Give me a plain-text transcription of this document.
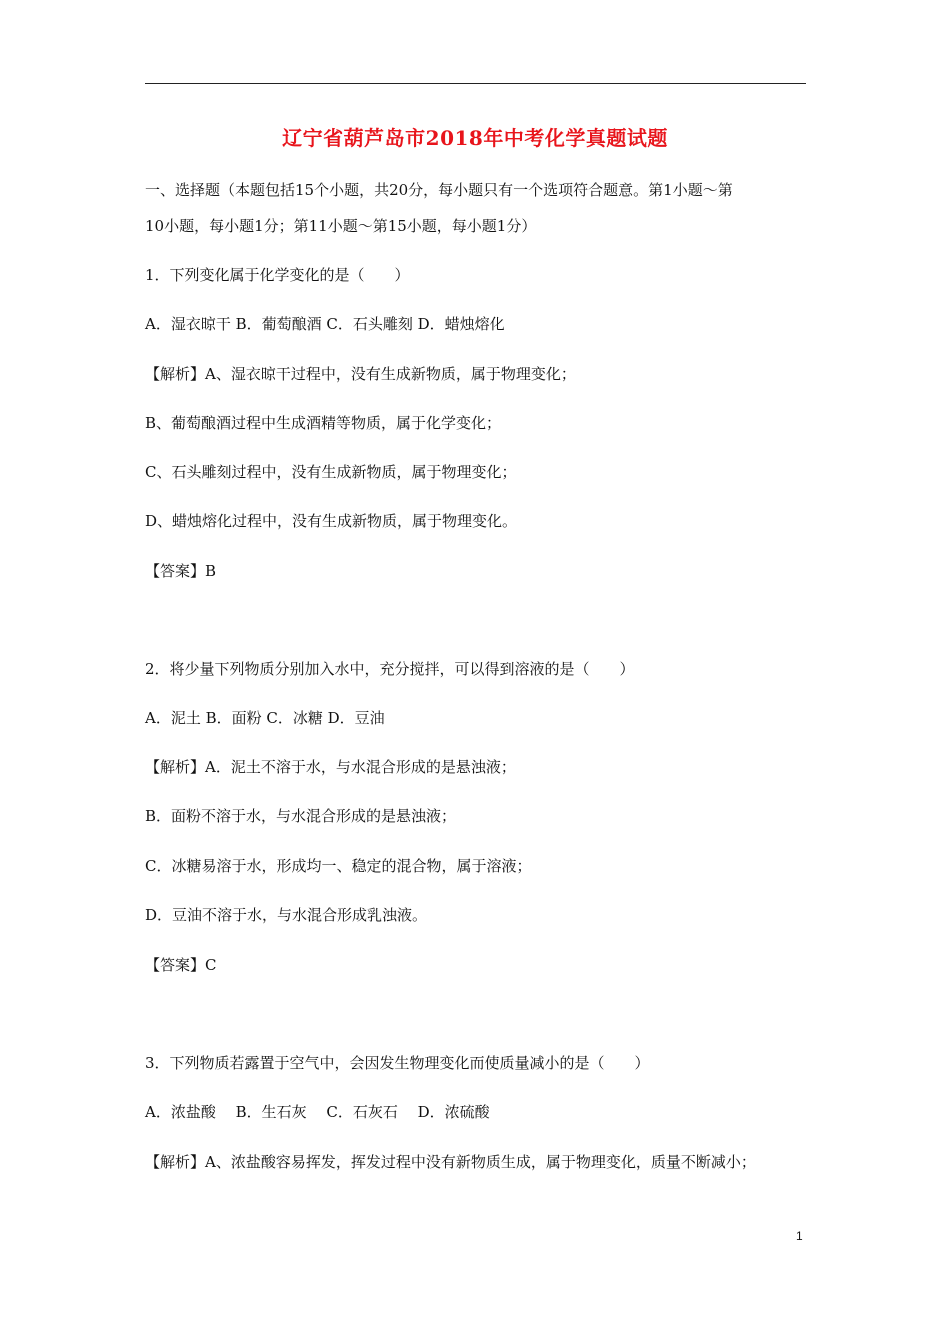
辽宁省葫芦岛市2018年中考化学真题试题
一、选择题（本题包括15个小题，共20分，每小题只有一个选项符合题意。第1小题～第
10小题，每小题1分；第11小题～第15小题，每小题1分）
1．下列变化属于化学变化的是（　　）
A．湿衣晾干 B．葡萄酿酒 C．石头雕刻 D．蜡烛熔化
【解析】A、湿衣晾干过程中，没有生成新物质，属于物理变化；
B、葡萄酿酒过程中生成酒精等物质，属于化学变化；
C、石头雕刻过程中，没有生成新物质，属于物理变化；
D、蜡烛熔化过程中，没有生成新物质，属于物理变化。
【答案】B
2．将少量下列物质分别加入水中，充分搅拌，可以得到溶液的是（　　）
A．泥土 B．面粉 C．冰糖 D．豆油
【解析】A．泥土不溶于水，与水混合形成的是悬浊液；
B．面粉不溶于水，与水混合形成的是悬浊液；
C．冰糖易溶于水，形成均一、稳定的混合物，属于溶液；
D．豆油不溶于水，与水混合形成乳浊液。
【答案】C
3．下列物质若露置于空气中，会因发生物理变化而使质量减小的是（　　）
A．浓盐酸　 B．生石灰　 C．石灰石　 D．浓硫酸
【解析】A、浓盐酸容易挥发，挥发过程中没有新物质生成，属于物理变化，质量不断减小；
1
